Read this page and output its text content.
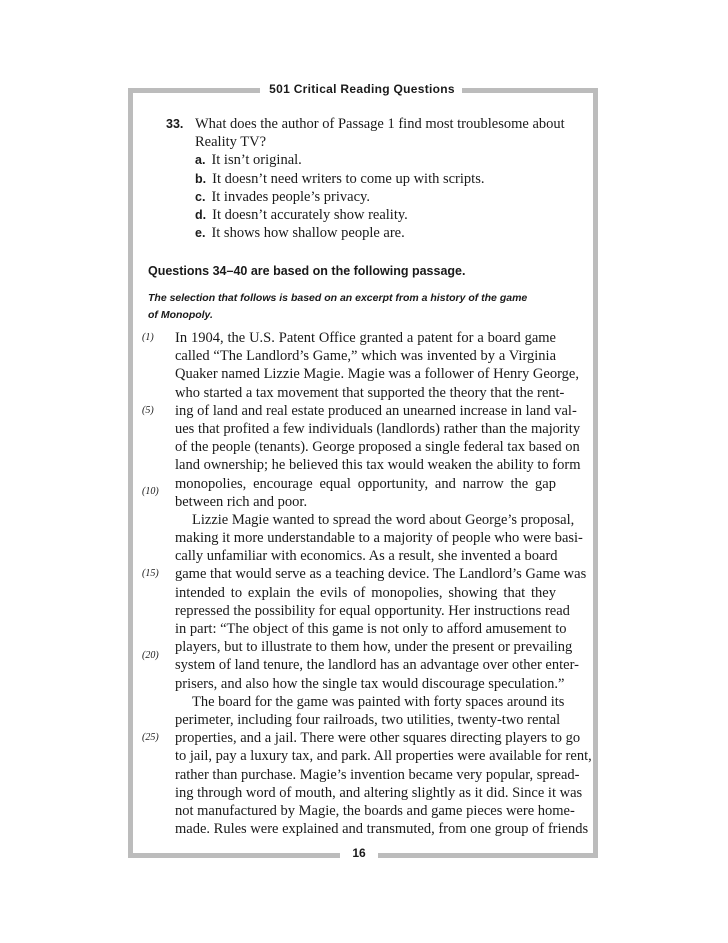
501 Critical Reading Questions
16
33. What does the author of Passage 1 find most troublesome about
Reality TV?
a. It isn’t original.
b. It doesn’t need writers to come up with scripts.
c. It invades people’s privacy.
d. It doesn’t accurately show reality.
e. It shows how shallow people are.
Questions 34–40 are based on the following passage.
The selection that follows is based on an excerpt from a history of the game
of Monopoly.
(1)
(5)
(10)
(15)
(20)
(25)
In 1904, the U.S. Patent Office granted a patent for a board game
called “The Landlord’s Game,” which was invented by a Virginia
Quaker named Lizzie Magie. Magie was a follower of Henry George,
who started a tax movement that supported the theory that the rent-
ing of land and real estate produced an unearned increase in land val-
ues that profited a few individuals (landlords) rather than the majority
of the people (tenants). George proposed a single federal tax based on
land ownership; he believed this tax would weaken the ability to form
monopolies, encourage equal opportunity, and narrow the gap
between rich and poor.
Lizzie Magie wanted to spread the word about George’s proposal,
making it more understandable to a majority of people who were basi-
cally unfamiliar with economics. As a result, she invented a board
game that would serve as a teaching device. The Landlord’s Game was
intended to explain the evils of monopolies, showing that they
repressed the possibility for equal opportunity. Her instructions read
in part: “The object of this game is not only to afford amusement to
players, but to illustrate to them how, under the present or prevailing
system of land tenure, the landlord has an advantage over other enter-
prisers, and also how the single tax would discourage speculation.”
The board for the game was painted with forty spaces around its
perimeter, including four railroads, two utilities, twenty-two rental
properties, and a jail. There were other squares directing players to go
to jail, pay a luxury tax, and park. All properties were available for rent,
rather than purchase. Magie’s invention became very popular, spread-
ing through word of mouth, and altering slightly as it did. Since it was
not manufactured by Magie, the boards and game pieces were home-
made. Rules were explained and transmuted, from one group of friends
